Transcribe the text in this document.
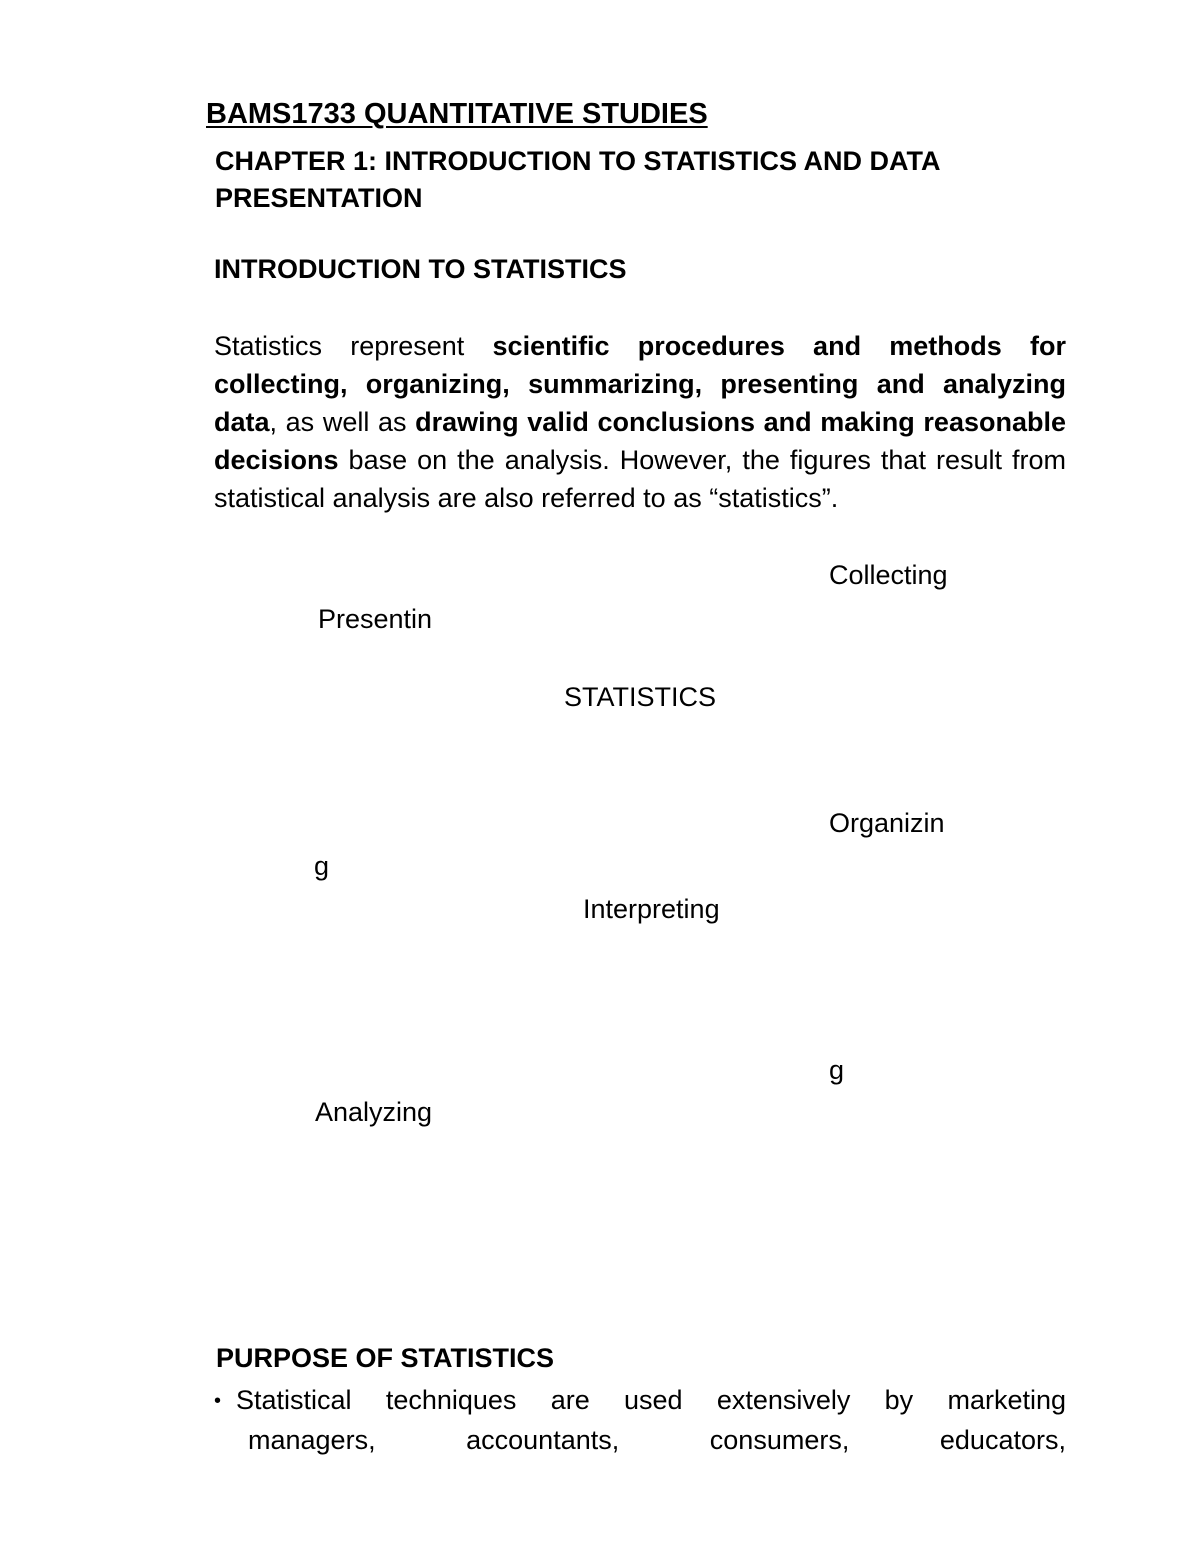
BAMS1733 QUANTITATIVE STUDIES
CHAPTER 1: INTRODUCTION TO STATISTICS AND DATA PRESENTATION
INTRODUCTION TO STATISTICS
Statistics represent scientific procedures and methods for collecting, organizing, summarizing, presenting and analyzing data, as well as drawing valid conclusions and making reasonable decisions base on the analysis. However, the figures that result from statistical analysis are also referred to as “statistics”.
Collecting
Presentin
STATISTICS
Organizin
g
Interpreting
g
Analyzing
PURPOSE OF STATISTICS
• Statistical techniques are used extensively by marketing
managers,	accountants,	consumers,	educators,
